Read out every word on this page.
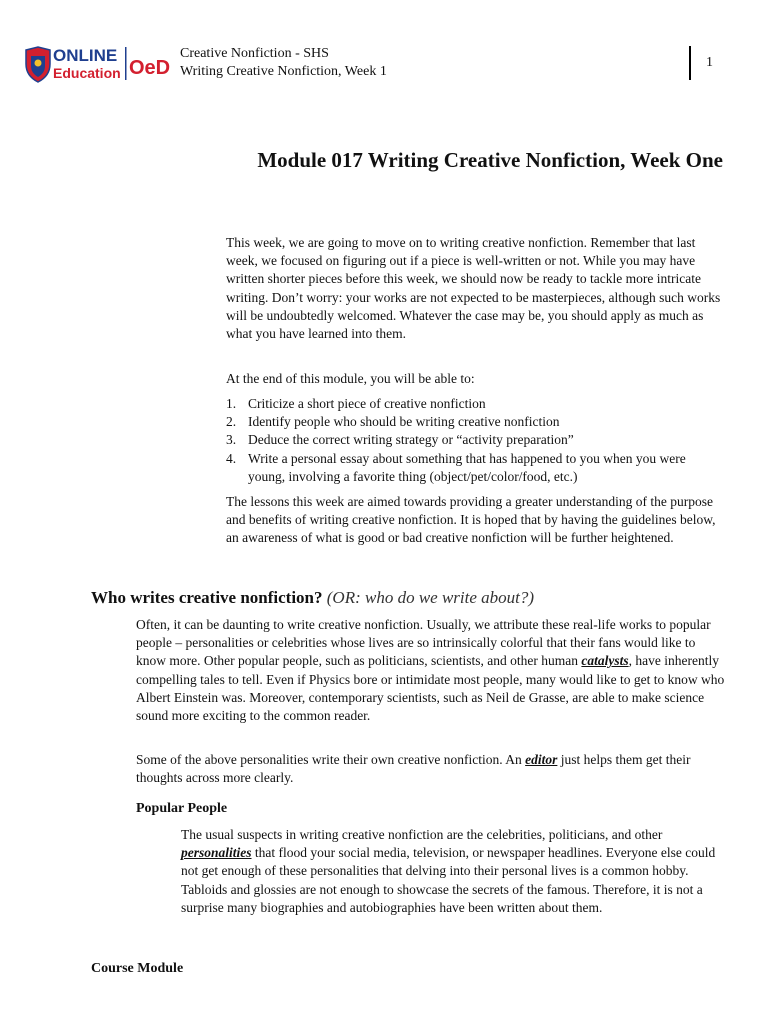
ONLINE
Education OeD
Creative Nonfiction - SHS
Writing Creative Nonfiction, Week 1
1
Module 017 Writing Creative Nonfiction, Week One

This week, we are going to move on to writing creative nonfiction. Remember that last week, we focused on figuring out if a piece is well-written or not. While you may have written shorter pieces before this week, we should now be ready to tackle more intricate writing. Don’t worry: your works are not expected to be masterpieces, although such works will be undoubtedly welcomed. Whatever the case may be, you should apply as much as what you have learned into them.

At the end of this module, you will be able to:

1. Criticize a short piece of creative nonfiction
2. Identify people who should be writing creative nonfiction
3. Deduce the correct writing strategy or “activity preparation”
4. Write a personal essay about something that has happened to you when you were young, involving a favorite thing (object/pet/color/food, etc.)

The lessons this week are aimed towards providing a greater understanding of the purpose and benefits of writing creative nonfiction. It is hoped that by having the guidelines below, an awareness of what is good or bad creative nonfiction will be further heightened.

Who writes creative nonfiction? (OR: who do we write about?)

Often, it can be daunting to write creative nonfiction. Usually, we attribute these real-life works to popular people – personalities or celebrities whose lives are so intrinsically colorful that their fans would like to know more. Other popular people, such as politicians, scientists, and other human catalysts, have inherently compelling tales to tell. Even if Physics bore or intimidate most people, many would like to get to know who Albert Einstein was. Moreover, contemporary scientists, such as Neil de Grasse, are able to make science sound more exciting to the common reader.

Some of the above personalities write their own creative nonfiction. An editor just helps them get their thoughts across more clearly.

Popular People

The usual suspects in writing creative nonfiction are the celebrities, politicians, and other personalities that flood your social media, television, or newspaper headlines. Everyone else could not get enough of these personalities that delving into their personal lives is a common hobby. Tabloids and glossies are not enough to showcase the secrets of the famous. Therefore, it is not a surprise many biographies and autobiographies have been written about them.

Course Module
